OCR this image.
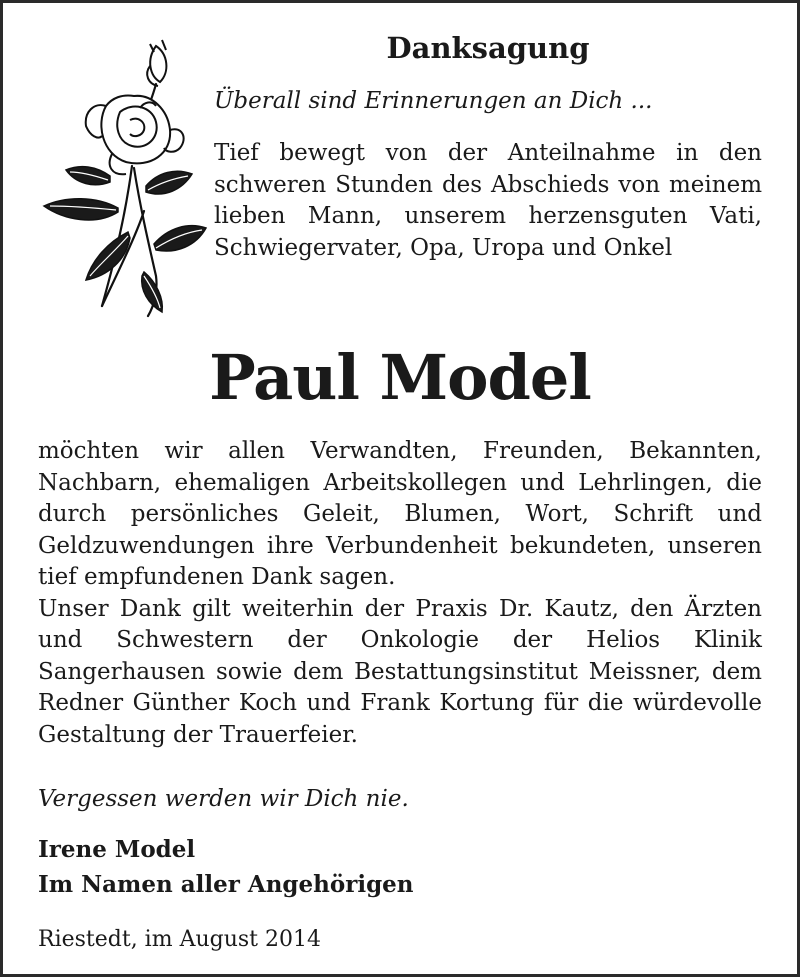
Danksagung
Überall sind Erinnerungen an Dich ...
Tief bewegt von der Anteilnahme in den schweren Stunden des Abschieds von meinem lieben Mann, unserem herzensguten Vati, Schwiegervater, Opa, Uropa und Onkel
Paul Model

möchten wir allen Verwandten, Freunden, Bekannten, Nachbarn, ehemaligen Arbeitskollegen und Lehrlingen, die durch persönliches Geleit, Blumen, Wort, Schrift und Geldzuwendungen ihre Verbundenheit bekundeten, unseren tief empfundenen Dank sagen.

Unser Dank gilt weiterhin der Praxis Dr. Kautz, den Ärzten und Schwestern der Onkologie der Helios Klinik Sangerhausen sowie dem Bestattungsinstitut Meissner, dem Redner Günther Koch und Frank Kortung für die würdevolle Gestaltung der Trauerfeier.

Vergessen werden wir Dich nie.
Irene Model
Im Namen aller Angehörigen
Riestedt, im August 2014
